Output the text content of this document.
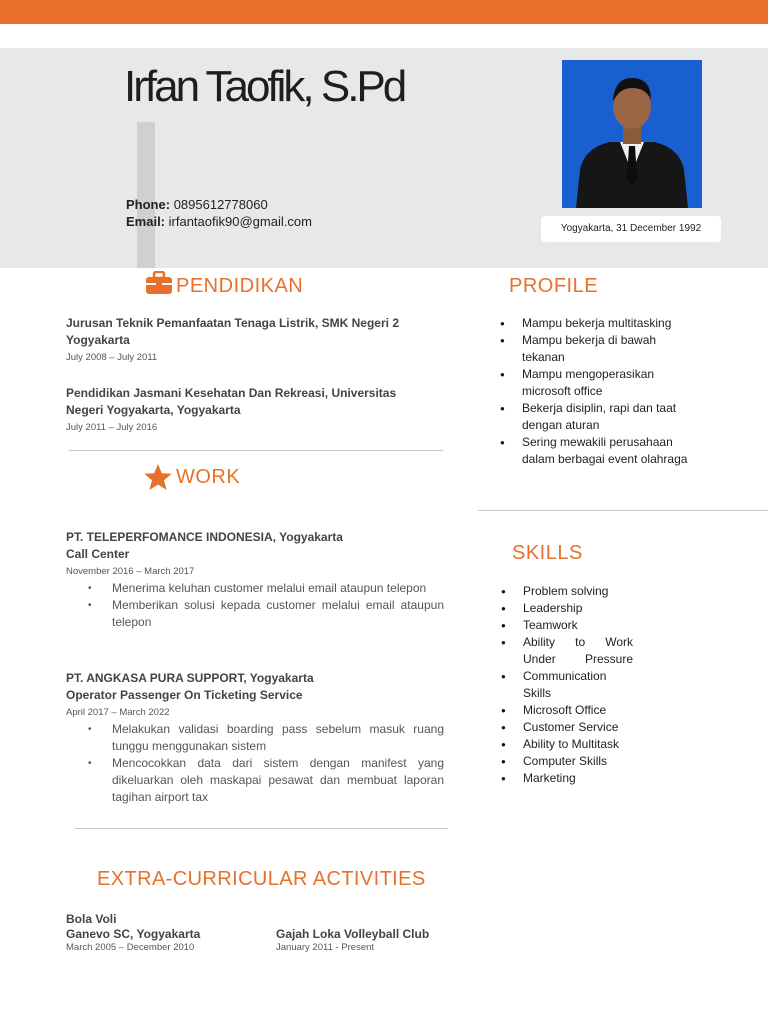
Irfan Taofik, S.Pd
Phone: 0895612778060
Email: irfantaofik90@gmail.com	Yogyakarta, 31 December 1992
PENDIDIKAN
Jurusan Teknik Pemanfaatan Tenaga Listrik, SMK Negeri 2 Yogyakarta
July 2008 – July 2011
Pendidikan Jasmani Kesehatan Dan Rekreasi, Universitas Negeri Yogyakarta, Yogyakarta
July 2011 – July 2016
WORK
PT. TELEPERFOMANCE INDONESIA, Yogyakarta
Call Center
November 2016 – March 2017
• Menerima keluhan customer melalui email ataupun telepon
• Memberikan solusi kepada customer melalui email ataupun telepon
PT. ANGKASA PURA SUPPORT, Yogyakarta
Operator Passenger On Ticketing Service
April 2017 – March 2022
• Melakukan validasi boarding pass sebelum masuk ruang tunggu menggunakan sistem
• Mencocokkan data dari sistem dengan manifest yang dikeluarkan oleh maskapai pesawat dan membuat laporan tagihan airport tax
PROFILE
● Mampu bekerja multitasking
● Mampu bekerja di bawah tekanan
● Mampu mengoperasikan microsoft office
● Bekerja disiplin, rapi dan taat dengan aturan
● Sering mewakili perusahaan dalam berbagai event olahraga
SKILLS
● Problem solving
● Leadership
● Teamwork
● Ability to Work Under Pressure
● Communication Skills
● Microsoft Office
● Customer Service
● Ability to Multitask
● Computer Skills
● Marketing
EXTRA-CURRICULAR ACTIVITIES
Bola Voli
Ganevo SC, Yogyakarta
March 2005 – December 2010
Gajah Loka Volleyball Club
January 2011 - Present
